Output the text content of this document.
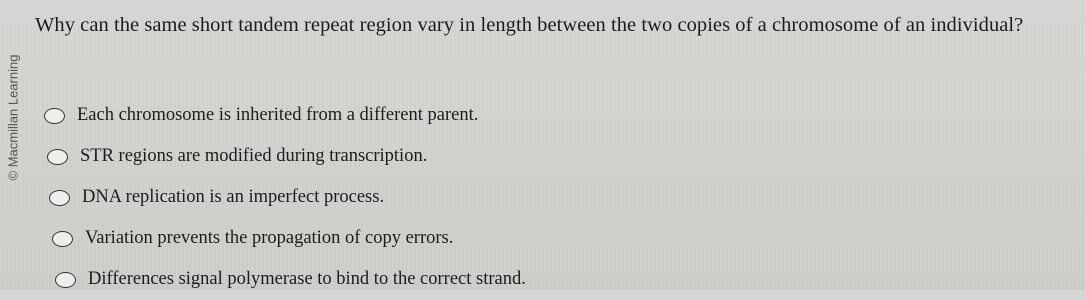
© Macmillan Learning
Why can the same short tandem repeat region vary in length between the two copies of a chromosome of an individual?
Each chromosome is inherited from a different parent.
STR regions are modified during transcription.
DNA replication is an imperfect process.
Variation prevents the propagation of copy errors.
Differences signal polymerase to bind to the correct strand.
